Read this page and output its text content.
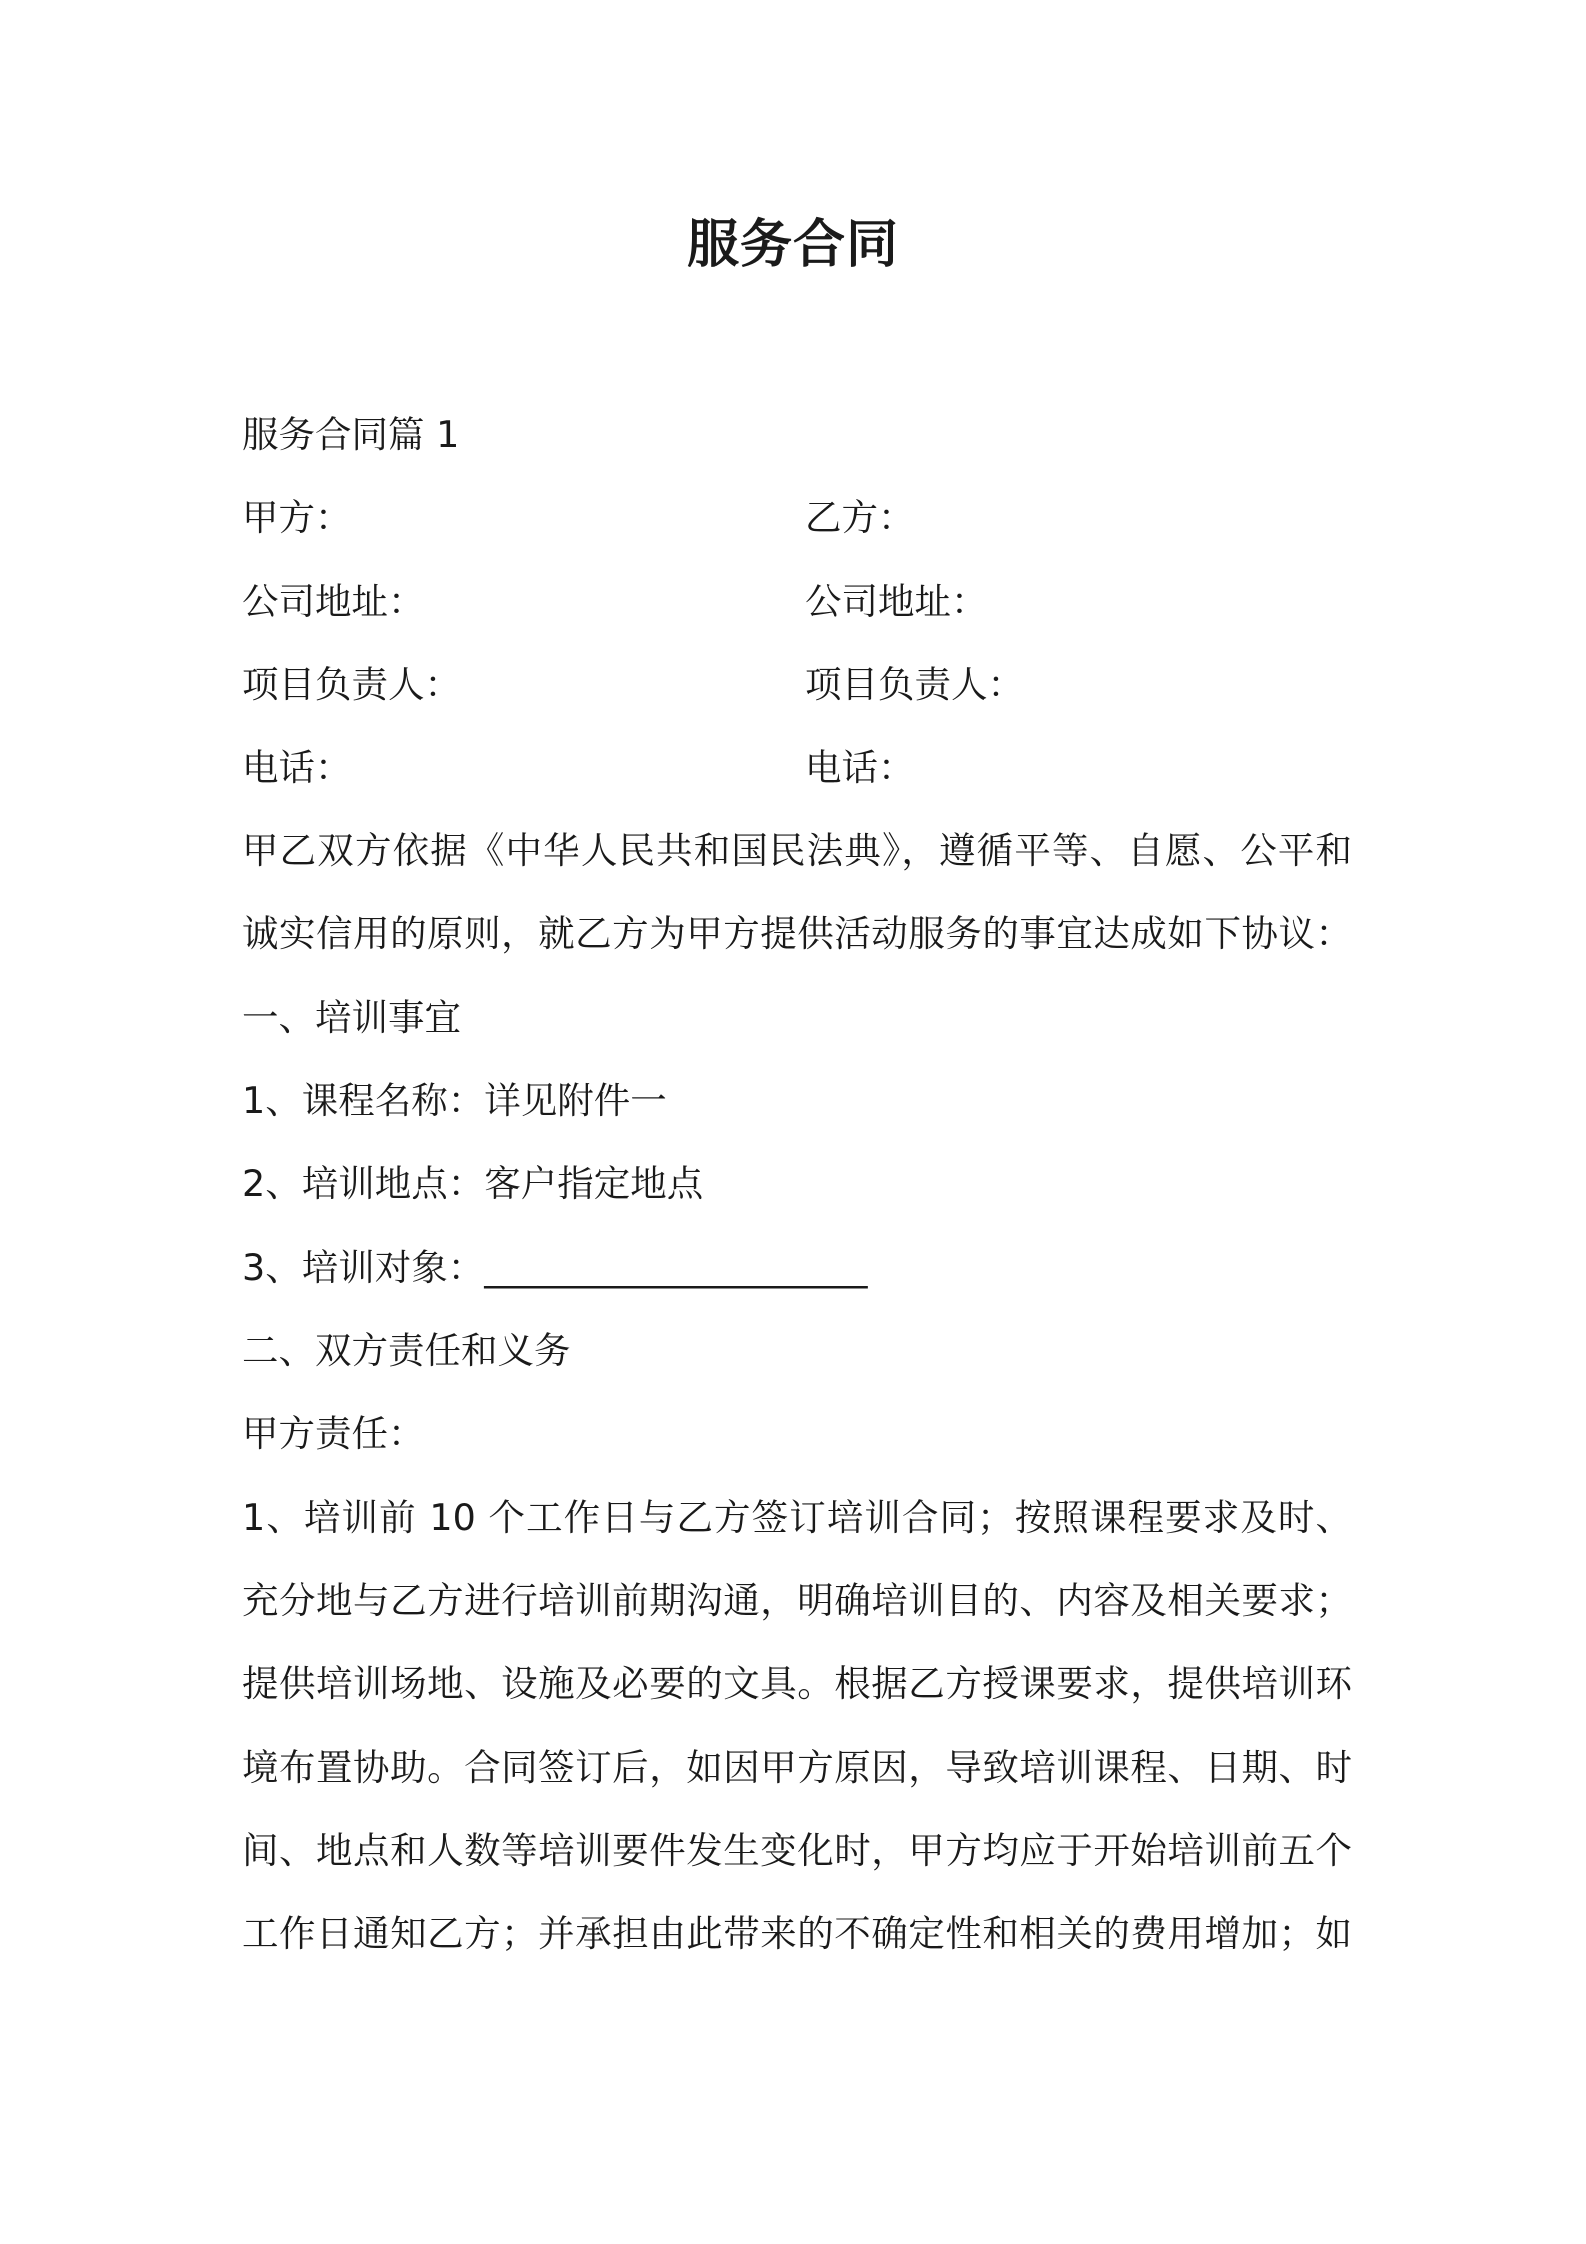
服务合同
服务合同篇 1
甲方：	乙方：
公司地址：	公司地址：
项目负责人：	项目负责人：
电话：	电话：
甲乙双方依据《中华人民共和国民法典》，遵循平等、自愿、公平和
诚实信用的原则，就乙方为甲方提供活动服务的事宜达成如下协议：
一、培训事宜
1、课程名称：详见附件一
2、培训地点：客户指定地点
3、培训对象：_____________________
二、双方责任和义务
甲方责任：
1、培训前 10 个工作日与乙方签订培训合同；按照课程要求及时、
充分地与乙方进行培训前期沟通，明确培训目的、内容及相关要求；
提供培训场地、设施及必要的文具。根据乙方授课要求，提供培训环
境布置协助。合同签订后，如因甲方原因，导致培训课程、日期、时
间、地点和人数等培训要件发生变化时，甲方均应于开始培训前五个
工作日通知乙方；并承担由此带来的不确定性和相关的费用增加；如
